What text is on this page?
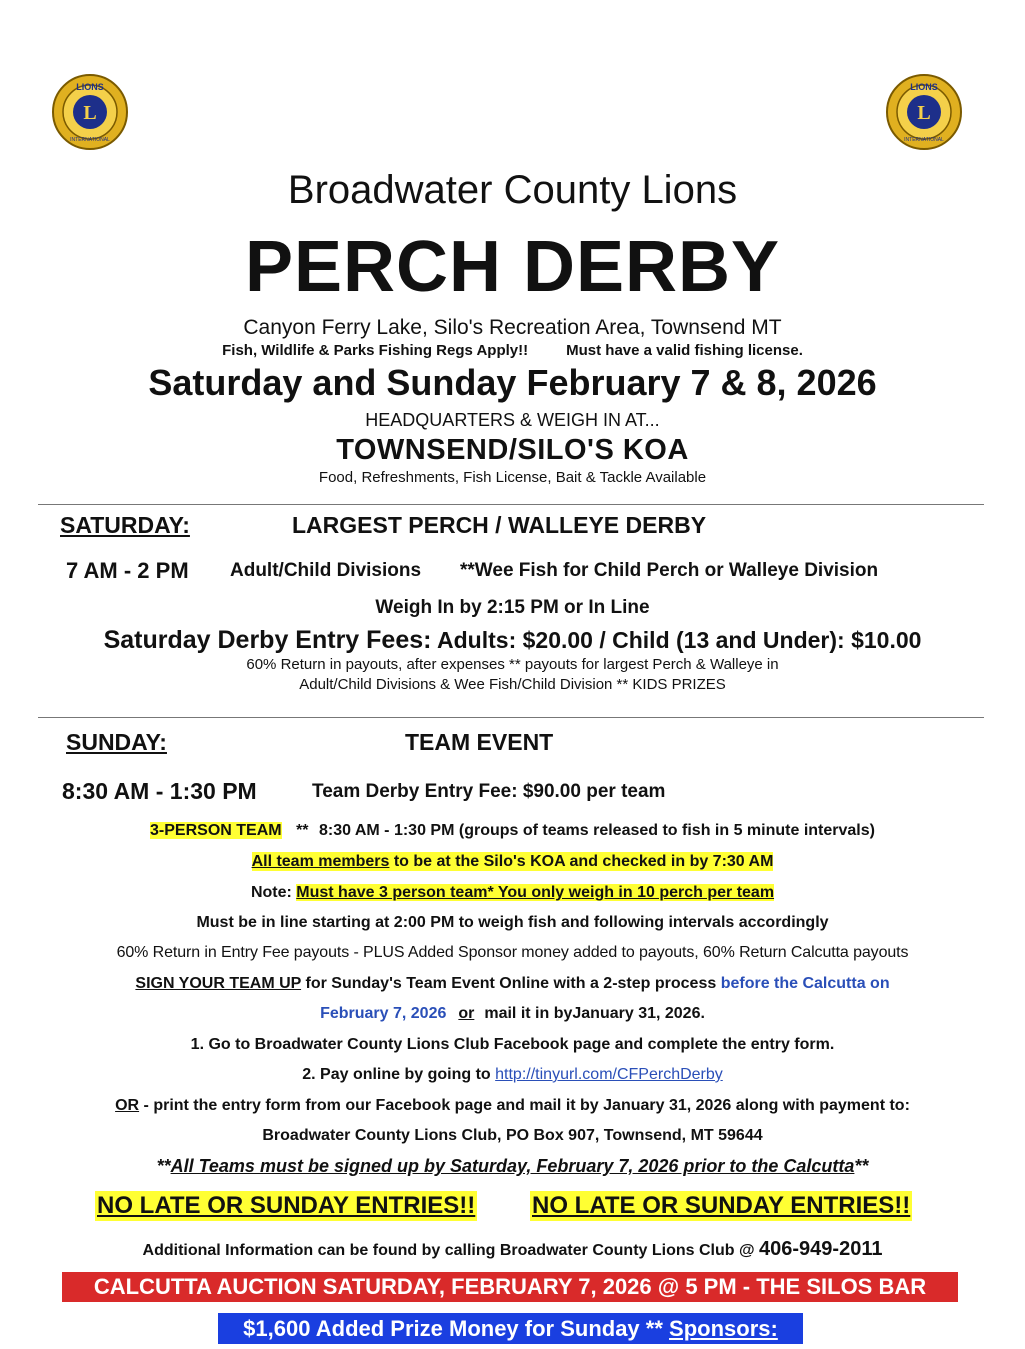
L
LIONS
INTERNATIONAL
L
LIONS
INTERNATIONAL
Broadwater County Lions
PERCH DERBY
Canyon Ferry Lake, Silo's Recreation Area, Townsend MT
Fish, Wildlife & Parks Fishing Regs Apply!!	Must have a valid fishing license.
Saturday and Sunday February 7 & 8, 2026
HEADQUARTERS & WEIGH IN AT...
TOWNSEND/SILO'S KOA
Food, Refreshments, Fish License, Bait & Tackle Available
SATURDAY:	LARGEST PERCH / WALLEYE DERBY
7 AM - 2 PM Adult/Child Divisions **Wee Fish for Child Perch or Walleye Division
Weigh In by 2:15 PM or In Line
Saturday Derby Entry Fees: Adults: $20.00 / Child (13 and Under): $10.00
60% Return in payouts, after expenses ** payouts for largest Perch & Walleye in
Adult/Child Divisions & Wee Fish/Child Division ** KIDS PRIZES
SUNDAY:	TEAM EVENT
8:30 AM - 1:30 PM	Team Derby Entry Fee: $90.00 per team
3-PERSON TEAM ** 8:30 AM - 1:30 PM (groups of teams released to fish in 5 minute intervals)
All team members to be at the Silo's KOA and checked in by 7:30 AM
Note: Must have 3 person team* You only weigh in 10 perch per team
Must be in line starting at 2:00 PM to weigh fish and following intervals accordingly
60% Return in Entry Fee payouts - PLUS Added Sponsor money added to payouts, 60% Return Calcutta payouts
SIGN YOUR TEAM UP for Sunday's Team Event Online with a 2-step process before the Calcutta on
February 7, 2026 or mail it in byJanuary 31, 2026.
1. Go to Broadwater County Lions Club Facebook page and complete the entry form.
2. Pay online by going to http://tinyurl.com/CFPerchDerby
OR - print the entry form from our Facebook page and mail it by January 31, 2026 along with payment to:
Broadwater County Lions Club, PO Box 907, Townsend, MT 59644
**All Teams must be signed up by Saturday, February 7, 2026 prior to the Calcutta**
NO LATE OR SUNDAY ENTRIES!! NO LATE OR SUNDAY ENTRIES!!
Additional Information can be found by calling Broadwater County Lions Club @ 406-949-2011
CALCUTTA AUCTION SATURDAY, FEBRUARY 7, 2026 @ 5 PM - THE SILOS BAR
$1,600 Added Prize Money for Sunday ** Sponsors:
